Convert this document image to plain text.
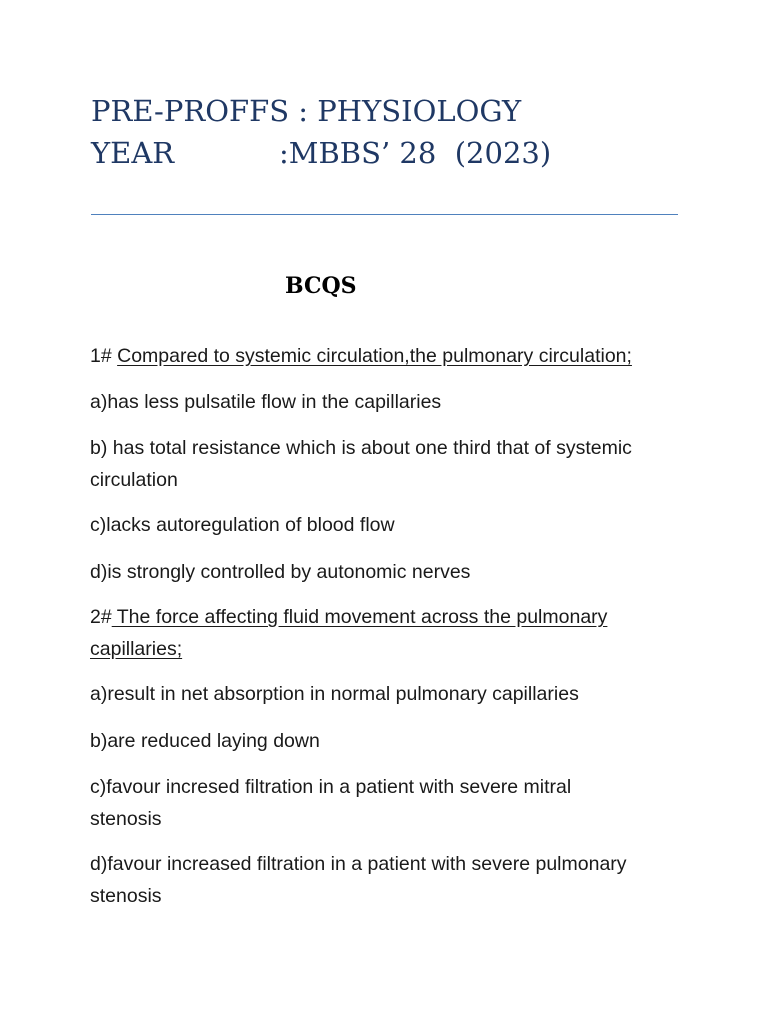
PRE-PROFFS : PHYSIOLOGY
YEAR	:MBBS’ 28  (2023)
BCQS

1# Compared to systemic circulation,the pulmonary circulation;

a)has less pulsatile flow in the capillaries

b) has total resistance which is about one third that of systemic
circulation

c)lacks autoregulation of blood flow

d)is strongly controlled by autonomic nerves

2# The force affecting fluid movement across the pulmonary
capillaries;

a)result in net absorption in normal pulmonary capillaries

b)are reduced laying down

c)favour incresed filtration in a patient with severe mitral
stenosis

d)favour increased filtration in a patient with severe pulmonary
stenosis
